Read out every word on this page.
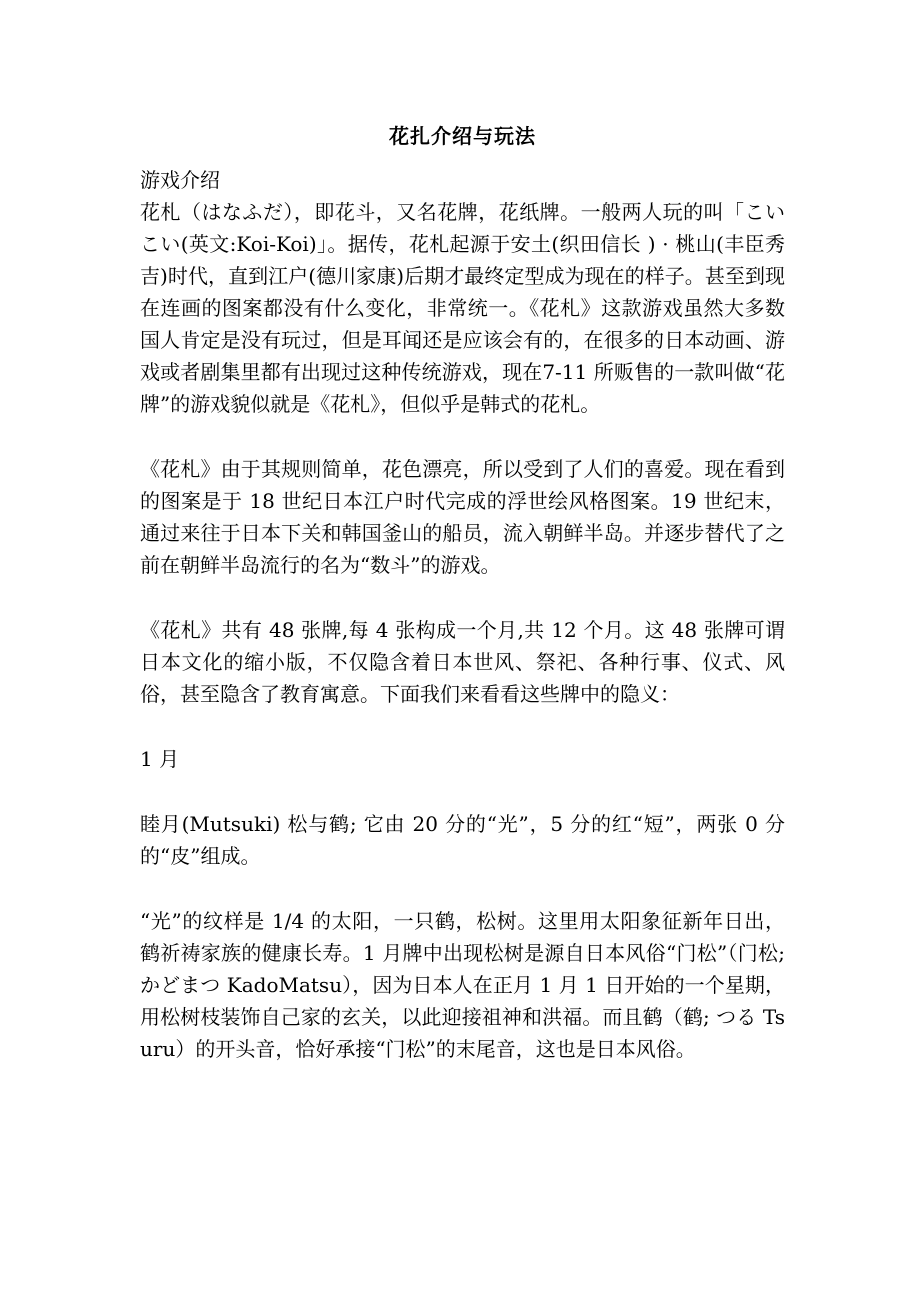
花扎介绍与玩法

游戏介绍

花札（はなふだ），即花斗，又名花牌，花纸牌。一般两人玩的叫「こいこい(英文:Koi-Koi)」。据传，花札起源于安土(织田信长 ) · 桃山(丰臣秀吉)时代，直到江户(德川家康)后期才最终定型成为现在的样子。甚至到现在连画的图案都没有什么变化，非常统一。《花札》这款游戏虽然大多数国人肯定是没有玩过，但是耳闻还是应该会有的，在很多的日本动画、游戏或者剧集里都有出现过这种传统游戏，现在7-11 所贩售的一款叫做“花牌”的游戏貌似就是《花札》，但似乎是韩式的花札。

《花札》由于其规则简单，花色漂亮，所以受到了人们的喜爱。现在看到的图案是于 18 世纪日本江户时代完成的浮世绘风格图案。19 世纪末，通过来往于日本下关和韩国釜山的船员，流入朝鲜半岛。并逐步替代了之前在朝鲜半岛流行的名为“数斗”的游戏。

《花札》共有 48 张牌,每 4 张构成一个月,共 12 个月。这 48 张牌可谓日本文化的缩小版，不仅隐含着日本世风、祭祀、各种行事、仪式、风俗，甚至隐含了教育寓意。下面我们来看看这些牌中的隐义：

1 月

睦月(Mutsuki) 松与鹤; 它由 20 分的“光”，5 分的红“短”，两张 0 分的“皮”组成。

“光”的纹样是 1/4 的太阳，一只鹤，松树。这里用太阳象征新年日出，鹤祈祷家族的健康长寿。1 月牌中出现松树是源自日本风俗“门松”（门松; かどまつ KadoMatsu），因为日本人在正月 1 月 1 日开始的一个星期，用松树枝装饰自己家的玄关，以此迎接祖神和洪福。而且鹤（鹤; つる Tsuru）的开头音，恰好承接“门松”的末尾音，这也是日本风俗。
